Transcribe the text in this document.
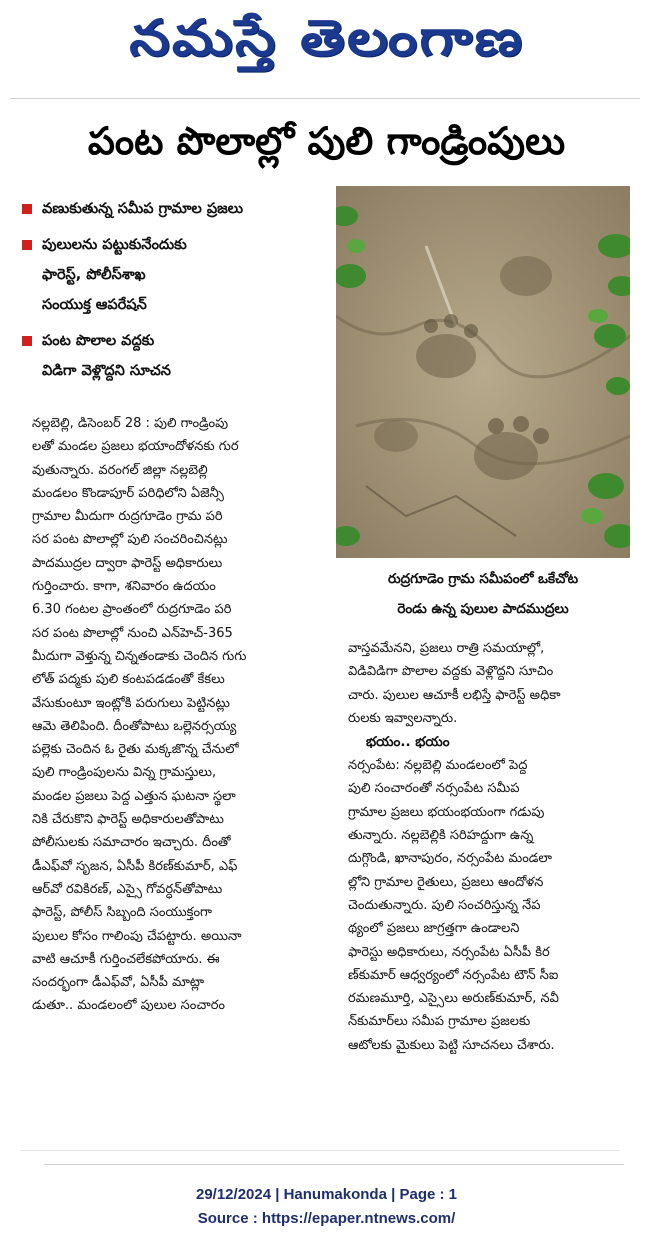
నమస్తే తెలంగాణ
పంట పొలాల్లో పులి గాండ్రింపులు
వణుకుతున్న సమీప గ్రామాల ప్రజలు
పులులను పట్టుకునేందుకు
ఫారెస్ట్, పోలీస్‌శాఖ
సంయుక్త ఆపరేషన్
పంట పొలాల వద్దకు
విడిగా వెళ్లొద్దని సూచన
రుద్రగూడెం గ్రామ సమీపంలో ఒకేచోట
రెండు ఉన్న పులుల పాదముద్రలు
నల్లబెల్లి, డిసెంబర్ 28 : పులి గాండ్రింపు
లతో మండల ప్రజలు భయాందోళనకు గుర
వుతున్నారు. వరంగల్ జిల్లా నల్లబెల్లి
మండలం కొండాపూర్ పరిధిలోని ఏజెన్సీ
గ్రామాల మీదుగా రుద్రగూడెం గ్రామ పరి
సర పంట పొలాల్లో పులి సంచరించినట్లు
పాదముద్రల ద్వారా ఫారెస్ట్ అధికారులు
గుర్తించారు. కాగా, శనివారం ఉదయం
6.30 గంటల ప్రాంతంలో రుద్రగూడెం పరి
సర పంట పొలాల్లో నుంచి ఎన్‌హెచ్-365
మీదుగా వెళ్తున్న చిన్నతండాకు చెందిన గుగు
లోత్ పద్మకు పులి కంటపడడంతో కేకలు
వేసుకుంటూ ఇంట్లోకి పరుగులు పెట్టినట్లు
ఆమె తెలిపింది. దీంతోపాటు ఒల్లెనర్సయ్య
పల్లెకు చెందిన ఓ రైతు మక్కజొన్న చేనులో
పులి గాండ్రింపులను విన్న గ్రామస్తులు,
మండల ప్రజలు పెద్ద ఎత్తున ఘటనా స్థలా
నికి చేరుకొని ఫారెస్ట్ అధికారులతోపాటు
పోలీసులకు సమాచారం ఇచ్చారు. దీంతో
డీఎఫ్‌వో సృజన, ఏసీపీ కిరణ్‌కుమార్, ఎఫ్
ఆర్‌వో రవికిరణ్, ఎస్సై గోవర్ధన్‌తోపాటు
ఫారెస్ట్, పోలీస్ సిబ్బంది సంయుక్తంగా
పులుల కోసం గాలింపు చేపట్టారు. అయినా
వాటి ఆచూకీ గుర్తించలేకపోయారు. ఈ
సందర్భంగా డీఎఫ్‌వో, ఏసీపీ మాట్లా
డుతూ.. మండలంలో పులుల సంచారం
వాస్తవమేనని, ప్రజలు రాత్రి సమయాల్లో,
విడివిడిగా పొలాల వద్దకు వెళ్లొద్దని సూచిం
చారు. పులుల ఆచూకీ లభిస్తే ఫారెస్ట్ అధికా
రులకు ఇవ్వాలన్నారు.
భయం.. భయం
నర్సంపేట: నల్లబెల్లి మండలంలో పెద్ద
పులి సంచారంతో నర్సంపేట సమీప
గ్రామాల ప్రజలు భయంభయంగా గడుపు
తున్నారు. నల్లబెల్లికి సరిహద్దుగా ఉన్న
దుగ్గొండి, ఖానాపురం, నర్సంపేట మండలా
ల్లోని గ్రామాల రైతులు, ప్రజలు ఆందోళన
చెందుతున్నారు. పులి సంచరిస్తున్న నేప
థ్యంలో ప్రజలు జాగ్రత్తగా ఉండాలని
ఫారెస్టు అధికారులు, నర్సంపేట ఏసీపీ కిర
ణ్‌కుమార్ ఆధ్వర్యంలో నర్సంపేట టౌన్ సీఐ
రమణమూర్తి, ఎస్సైలు అరుణ్‌కుమార్, నవీ
న్‌కుమార్‌లు సమీప గ్రామాల ప్రజలకు
ఆటోలకు మైకులు పెట్టి సూచనలు చేశారు.
29/12/2024 | Hanumakonda | Page : 1
Source : https://epaper.ntnews.com/
